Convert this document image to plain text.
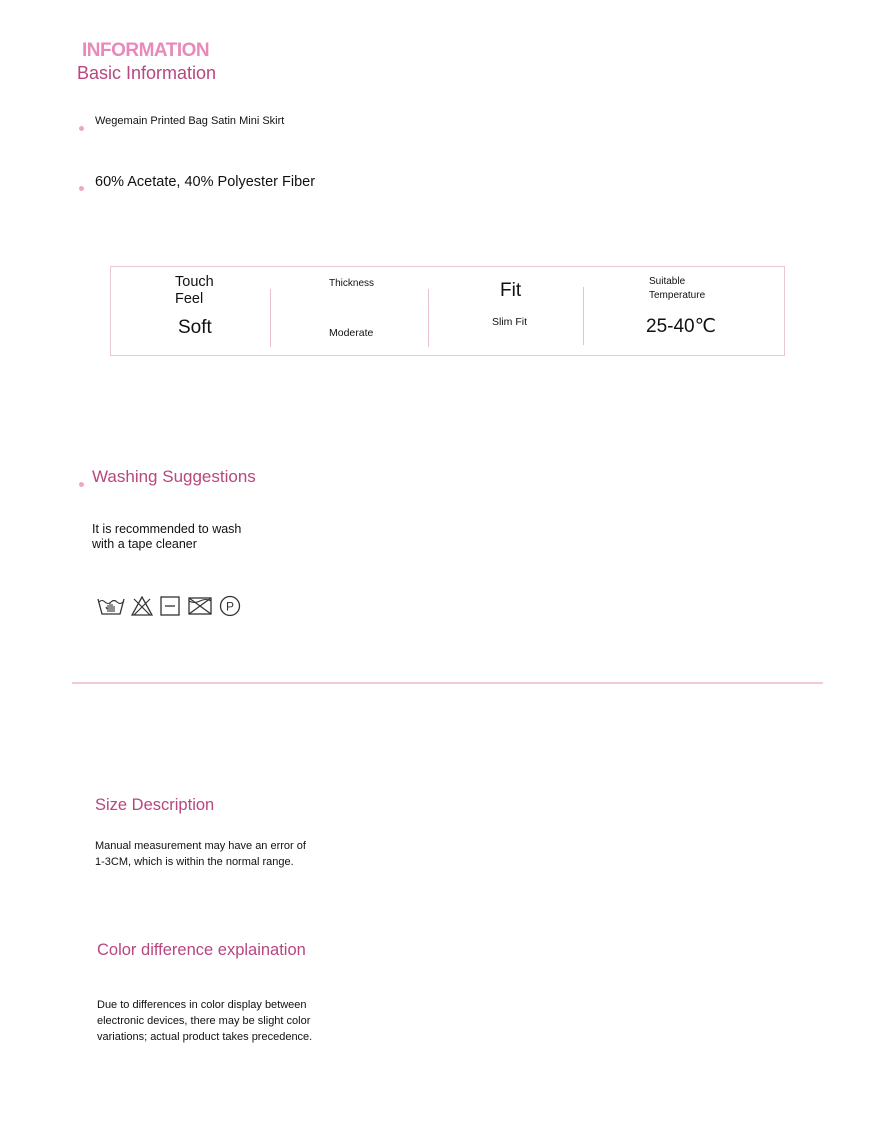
INFORMATION
Basic Information
Wegemain Printed Bag Satin Mini Skirt
60% Acetate, 40% Polyester Fiber
Touch
Feel
Soft
Thickness
Moderate
Fit
Slim Fit
Suitable
Temperature
25-40℃
Washing Suggestions
It is recommended to wash
with a tape cleaner
P
Size Description
Manual measurement may have an error of
1-3CM, which is within the normal range.
Color difference explaination
Due to differences in color display between
electronic devices, there may be slight color
variations; actual product takes precedence.
